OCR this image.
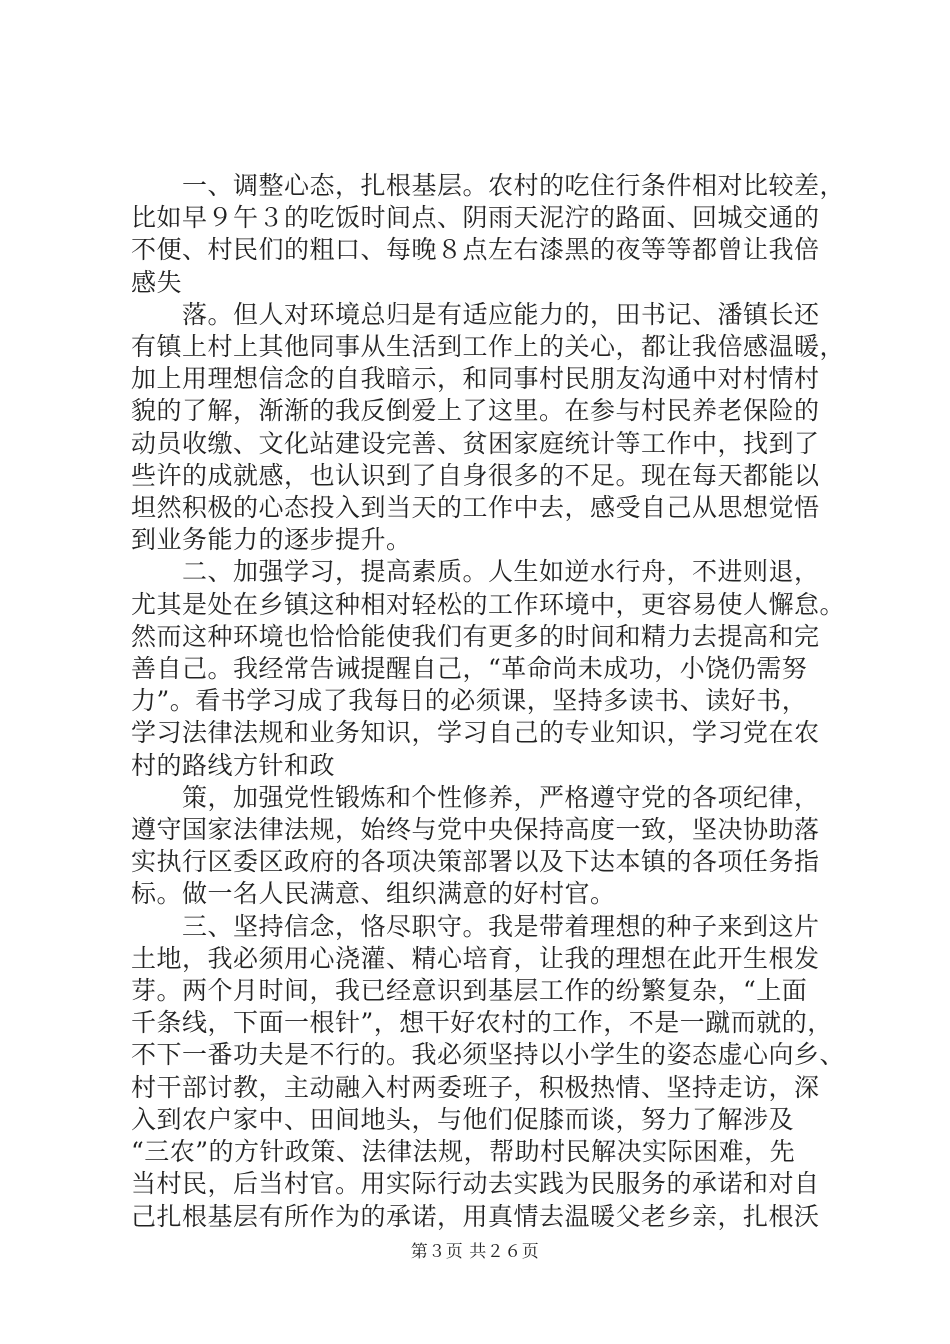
　　一、调整心态，扎根基层。农村的吃住行条件相对比较差，
比如早９午３的吃饭时间点、阴雨天泥泞的路面、回城交通的
不便、村民们的粗口、每晚８点左右漆黑的夜等等都曾让我倍
感失
　　落。但人对环境总归是有适应能力的，田书记、潘镇长还
有镇上村上其他同事从生活到工作上的关心，都让我倍感温暖，
加上用理想信念的自我暗示，和同事村民朋友沟通中对村情村
貌的了解，渐渐的我反倒爱上了这里。在参与村民养老保险的
动员收缴、文化站建设完善、贫困家庭统计等工作中，找到了
些许的成就感，也认识到了自身很多的不足。现在每天都能以
坦然积极的心态投入到当天的工作中去，感受自己从思想觉悟
到业务能力的逐步提升。
　　二、加强学习，提高素质。人生如逆水行舟，不进则退，
尤其是处在乡镇这种相对轻松的工作环境中，更容易使人懈怠。
然而这种环境也恰恰能使我们有更多的时间和精力去提高和完
善自己。我经常告诫提醒自己，“革命尚未成功，小饶仍需努
力”。看书学习成了我每日的必须课，坚持多读书、读好书，
学习法律法规和业务知识，学习自己的专业知识，学习党在农
村的路线方针和政
　　策，加强党性锻炼和个性修养，严格遵守党的各项纪律，
遵守国家法律法规，始终与党中央保持高度一致，坚决协助落
实执行区委区政府的各项决策部署以及下达本镇的各项任务指
标。做一名人民满意、组织满意的好村官。
　　三、坚持信念，恪尽职守。我是带着理想的种子来到这片
土地，我必须用心浇灌、精心培育，让我的理想在此开生根发
芽。两个月时间，我已经意识到基层工作的纷繁复杂，“上面
千条线，下面一根针”，想干好农村的工作，不是一蹴而就的，
不下一番功夫是不行的。我必须坚持以小学生的姿态虚心向乡、
村干部讨教，主动融入村两委班子，积极热情、坚持走访，深
入到农户家中、田间地头，与他们促膝而谈，努力了解涉及
“三农”的方针政策、法律法规，帮助村民解决实际困难，先
当村民，后当村官。用实际行动去实践为民服务的承诺和对自
己扎根基层有所作为的承诺，用真情去温暖父老乡亲，扎根沃
第３页 共２６页
